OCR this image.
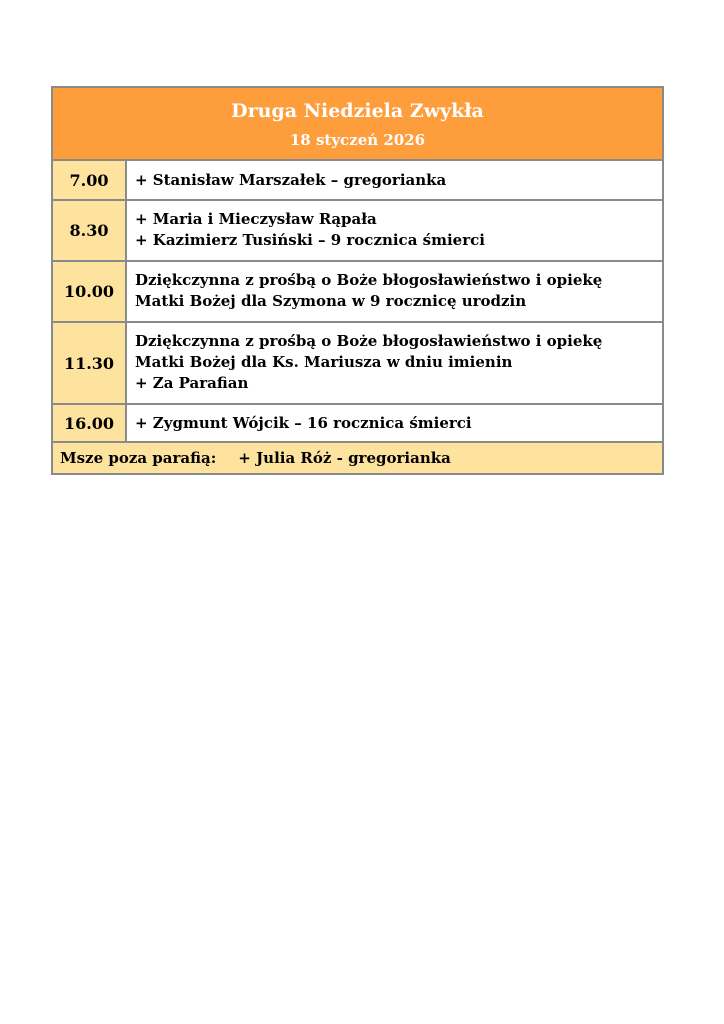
Druga Niedziela Zwykła
18 styczeń 2026
7.00	+ Stanisław Marszałek – gregorianka
8.30
+ Maria i Mieczysław Rąpała
+ Kazimierz Tusiński – 9 rocznica śmierci
10.00
Dziękczynna z prośbą o Boże błogosławieństwo i opiekę
Matki Bożej dla Szymona w 9 rocznicę urodzin
11.30
Dziękczynna z prośbą o Boże błogosławieństwo i opiekę
Matki Bożej dla Ks. Mariusza w dniu imienin
+ Za Parafian
16.00	+ Zygmunt Wójcik – 16 rocznica śmierci
Msze poza parafią: + Julia Róż - gregorianka
